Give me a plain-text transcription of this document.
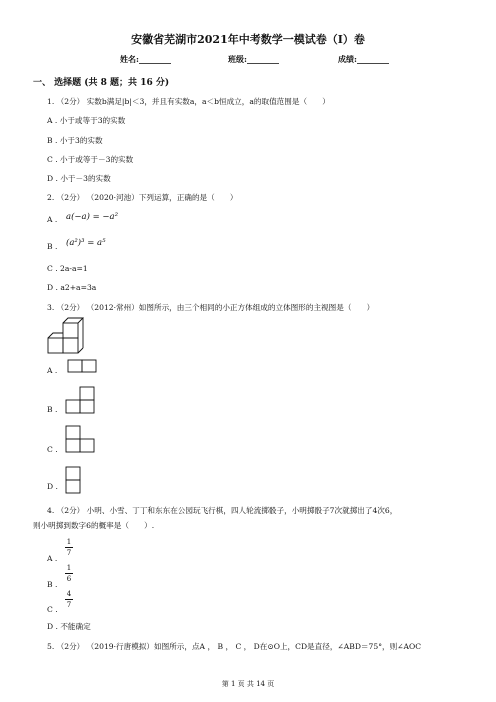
安徽省芜湖市2021年中考数学一模试卷（I）卷
姓名:________	班级:________	成绩:________
一、 选择题 (共 8 题；共 16 分)
1. （2分） 实数b满足|b|＜3，并且有实数a，a＜b恒成立，a的取值范围是（　　）
A . 小于或等于3的实数
B . 小于3的实数
C . 小于或等于－3的实数
D . 小于－3的实数
2. （2分） （2020·河池）下列运算，正确的是（　　）
A . a(−a) = −a²
B . (a²)³ = a⁵
C . 2a-a=1
D . a2+a=3a
3. （2分） （2012·常州）如图所示，由三个相同的小正方体组成的立体图形的主视图是（　　）
A .
B .
C .
D .
4. （2分） 小明、小雪、丁丁和东东在公园玩飞行棋，四人轮流掷骰子，小明掷骰子7次就掷出了4次6，
则小明掷到数字6的概率是（　　）.
A .
1
7
B .
1
6
C .
4
7
D . 不能确定
5. （2分） （2019·行唐模拟）如图所示，点A ， B ， C ， D在⊙O上，CD是直径，∠ABD＝75°，则∠AOC
第 1 页 共 14 页
